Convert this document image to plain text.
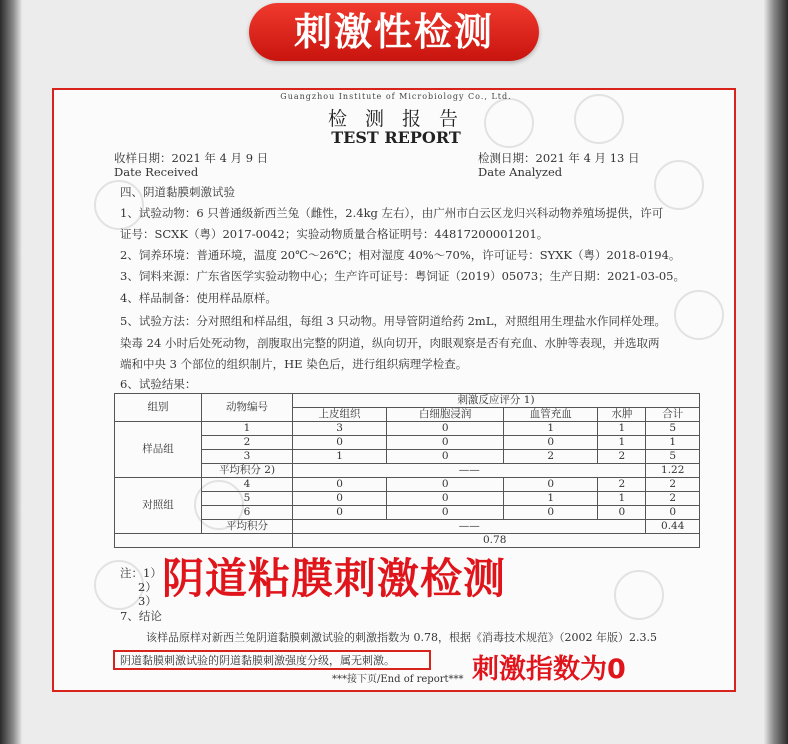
刺激性检测
Guangzhou Institute of Microbiology Co., Ltd.
检 测 报 告
TEST REPORT
收样日期：2021 年 4 月 9 日
Date Received
检测日期：2021 年 4 月 13 日
Date Analyzed
四、阴道黏膜刺激试验
1、试验动物：6 只普通级新西兰兔（雌性，2.4kg 左右），由广州市白云区龙归兴科动物养殖场提供，许可
证号：SCXK（粤）2017-0042；实验动物质量合格证明号：44817200001201。
2、饲养环境：普通环境，温度 20℃～26℃；相对湿度 40%～70%，许可证号：SYXK（粤）2018-0194。
3、饲料来源：广东省医学实验动物中心；生产许可证号：粤饲证（2019）05073；生产日期：2021-03-05。
4、样品制备：使用样品原样。
5、试验方法：分对照组和样品组，每组 3 只动物。用导管阴道给药 2mL，对照组用生理盐水作同样处理。
染毒 24 小时后处死动物，剖腹取出完整的阴道，纵向切开，肉眼观察是否有充血、水肿等表现，并选取两
端和中央 3 个部位的组织制片，HE 染色后，进行组织病理学检查。
6、试验结果：
组别	动物编号	刺激反应评分 1)				
		上皮组织	白细胞浸润	血管充血	水肿	合计
样品组	1	3	0	1	1	5
	2	0	0	0	1	1
	3	1	0	2	2	5
	平均积分 2)	——				1.22
对照组	4	0	0	0	2	2
	5	0	0	1	1	2
	6	0	0	0	0	0
	平均积分	——				0.44
		0.78				
注：1）
2）
3）
7、结论
该样品原样对新西兰兔阴道黏膜刺激试验的刺激指数为 0.78，根据《消毒技术规范》（2002 年版）2.3.5
阴道黏膜刺激试验的阴道黏膜刺激强度分级，属无刺激。
***接下页/End of report***
阴道粘膜刺激检测
刺激指数为0
